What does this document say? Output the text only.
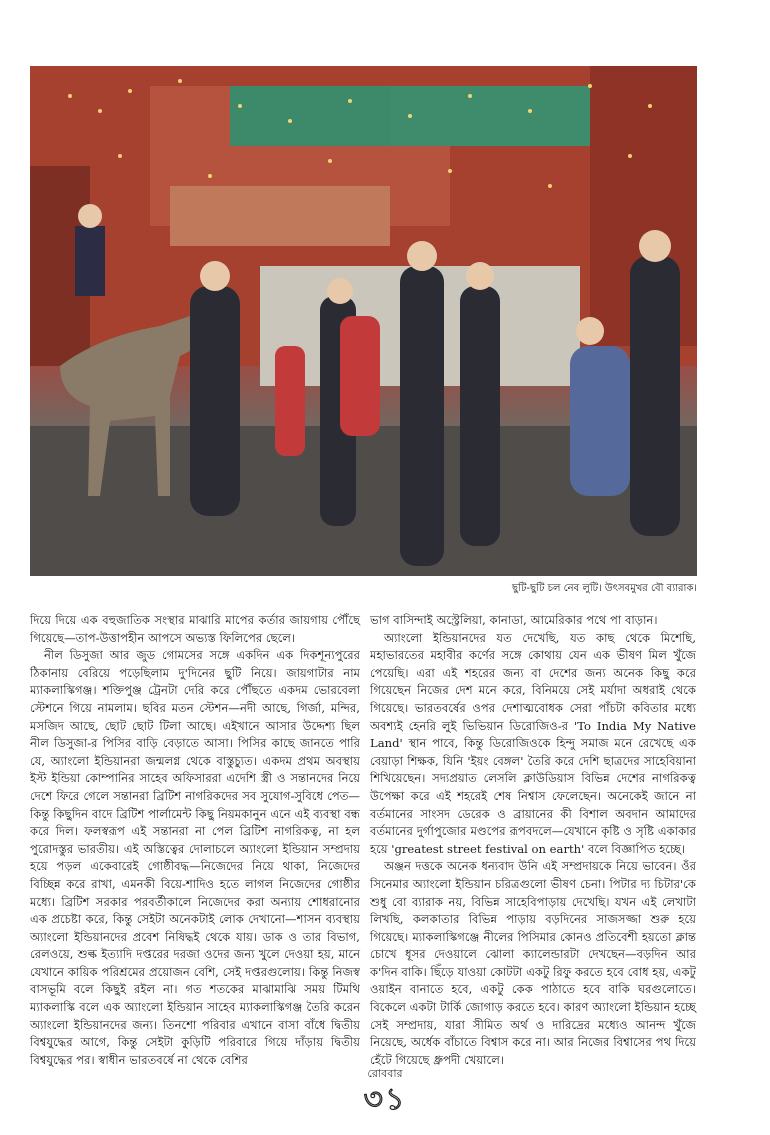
ছুটি-ছুটি চল নেব লুটি। উৎসবমুখর বৌ ব্যারাক।

দিয়ে দিয়ে এক বহুজাতিক সংস্থার মাঝারি মাপের কর্তার জায়গায় পৌঁছে গিয়েছে—তাপ-উত্তাপহীন আপসে অভ্যস্ত ফিলিপের ছেলে।

নীল ডিসুজা আর জুড গোমসের সঙ্গে একদিন এক দিকশূন্যপুরের ঠিকানায় বেরিয়ে পড়েছিলাম দু'দিনের ছুটি নিয়ে। জায়গাটার নাম ম্যাকলাস্কিগঞ্জ। শক্তিপুঞ্জ ট্রেনটা দেরি করে পৌঁছতে একদম ভোরবেলা স্টেশনে গিয়ে নামলাম। ছবির মতন স্টেশন—নদী আছে, গির্জা, মন্দির, মসজিদ আছে, ছোট ছোট টিলা আছে। এইখানে আসার উদ্দেশ্য ছিল নীল ডিসুজা-র পিসির বাড়ি বেড়াতে আসা। পিসির কাছে জানতে পারি যে, অ্যাংলো ইন্ডিয়ানরা জন্মলগ্ন থেকে বাস্তুচ্যুত। একদম প্রথম অবস্থায় ইস্ট ইন্ডিয়া কোম্পানির সাহেব অফিসাররা এদেশি স্ত্রী ও সন্তানদের নিয়ে দেশে ফিরে গেলে সন্তানরা ব্রিটিশ নাগরিকদের সব সুযোগ-সুবিধে পেত—কিন্তু কিছুদিন বাদে ব্রিটিশ পার্লামেন্ট কিছু নিয়মকানুন এনে এই ব্যবস্থা বন্ধ করে দিল। ফলস্বরূপ এই সন্তানরা না পেল ব্রিটিশ নাগরিকত্ব, না হল পুরোদস্তুর ভারতীয়। এই অস্তিত্বের দোলাচলে অ্যাংলো ইন্ডিয়ান সম্প্রদায় হয়ে পড়ল একেবারেই গোষ্ঠীবদ্ধ—নিজেদের নিয়ে থাকা, নিজেদের বিচ্ছিন্ন করে রাখা, এমনকী বিয়ে-শাদিও হতে লাগল নিজেদের গোষ্ঠীর মধ্যে। ব্রিটিশ সরকার পরবর্তীকালে নিজেদের করা অন্যায় শোধরানোর এক প্রচেষ্টা করে, কিন্তু সেইটা অনেকটাই লোক দেখানো—শাসন ব্যবস্থায় অ্যাংলো ইন্ডিয়ানদের প্রবেশ নিষিদ্ধই থেকে যায়। ডাক ও তার বিভাগ, রেলওয়ে, শুল্ক ইত্যাদি দপ্তরের দরজা ওদের জন্য খুলে দেওয়া হয়, মানে যেখানে কায়িক পরিশ্রমের প্রয়োজন বেশি, সেই দপ্তরগুলোয়। কিন্তু নিজস্ব বাসভূমি বলে কিছুই রইল না। গত শতকের মাঝামাঝি সময় টিমথি ম্যাকলাস্কি বলে এক অ্যাংলো ইন্ডিয়ান সাহেব ম্যাকলাস্কিগঞ্জ তৈরি করেন অ্যাংলো ইন্ডিয়ানদের জন্য। তিনশো পরিবার এখানে বাসা বাঁধে দ্বিতীয় বিশ্বযুদ্ধের আগে, কিন্তু সেইটা কুড়িটি পরিবারে গিয়ে দাঁড়ায় দ্বিতীয় বিশ্বযুদ্ধের পর। স্বাধীন ভারতবর্ষে না থেকে বেশির

ভাগ বাসিন্দাই অস্ট্রেলিয়া, কানাডা, আমেরিকার পথে পা বাড়ান।

অ্যাংলো ইন্ডিয়ানদের যত দেখেছি, যত কাছ থেকে মিশেছি, মহাভারতের মহাবীর কর্ণের সঙ্গে কোথায় যেন এক ভীষণ মিল খুঁজে পেয়েছি। এরা এই শহরের জন্য বা দেশের জন্য অনেক কিছু করে গিয়েছেন নিজের দেশ মনে করে, বিনিময়ে সেই মর্যাদা অধরাই থেকে গিয়েছে। ভারতবর্ষের ওপর দেশাত্মবোধক সেরা পাঁচটা কবিতার মধ্যে অবশ্যই হেনরি লুই ভিভিয়ান ডিরোজিও-র 'To India My Native Land' স্থান পাবে, কিন্তু ডিরোজিওকে হিন্দু সমাজ মনে রেখেছে এক বেয়াড়া শিক্ষক, যিনি 'ইয়ং বেঙ্গল' তৈরি করে দেশি ছাত্রদের সাহেবিয়ানা শিখিয়েছেন। সদ্যপ্রয়াত লেসলি ক্লাউডিয়াস বিভিন্ন দেশের নাগরিকত্ব উপেক্ষা করে এই শহরেই শেষ নিশ্বাস ফেলেছেন। অনেকেই জানে না বর্তমানের সাংসদ ডেরেক ও ব্রায়ানের কী বিশাল অবদান আমাদের বর্তমানের দুর্গাপুজোর মণ্ডপের রূপবদলে—যেখানে কৃষ্টি ও সৃষ্টি একাকার হয়ে 'greatest street festival on earth' বলে বিজ্ঞাপিত হচ্ছে।

অঞ্জন দত্তকে অনেক ধন্যবাদ উনি এই সম্প্রদায়কে নিয়ে ভাবেন। ওঁর সিনেমার অ্যাংলো ইন্ডিয়ান চরিত্রগুলো ভীষণ চেনা। পিটার দ্য চিটার'কে শুধু বো ব্যারাক নয়, বিভিন্ন সাহেবিপাড়ায় দেখেছি। যখন এই লেখাটা লিখছি, কলকাতার বিভিন্ন পাড়ায় বড়দিনের সাজসজ্জা শুরু হয়ে গিয়েছে। ম্যাকলাস্কিগঞ্জে নীলের পিসিমার কোনও প্রতিবেশী হয়তো ক্লান্ত চোখে ধূসর দেওয়ালে ঝোলা ক্যালেন্ডারটা দেখছেন—বড়দিন আর ক'দিন বাকি। ছিঁড়ে যাওয়া কোটটা একটু রিফু করতে হবে বোধ হয়, একটু ওয়াইন বানাতে হবে, একটু কেক পাঠাতে হবে বাকি ঘরগুলোতে। বিকেলে একটা টার্কি জোগাড় করতে হবে। কারণ অ্যাংলো ইন্ডিয়ান হচ্ছে সেই সম্প্রদায়, যারা সীমিত অর্থ ও দারিদ্রের মধ্যেও আনন্দ খুঁজে নিয়েছে, অর্ধেক বাঁচাতে বিশ্বাস করে না। আর নিজের বিশ্বাসের পথ দিয়ে হেঁটে গিয়েছে ধ্রুপদী খেয়ালে।

রোববার
৩১
